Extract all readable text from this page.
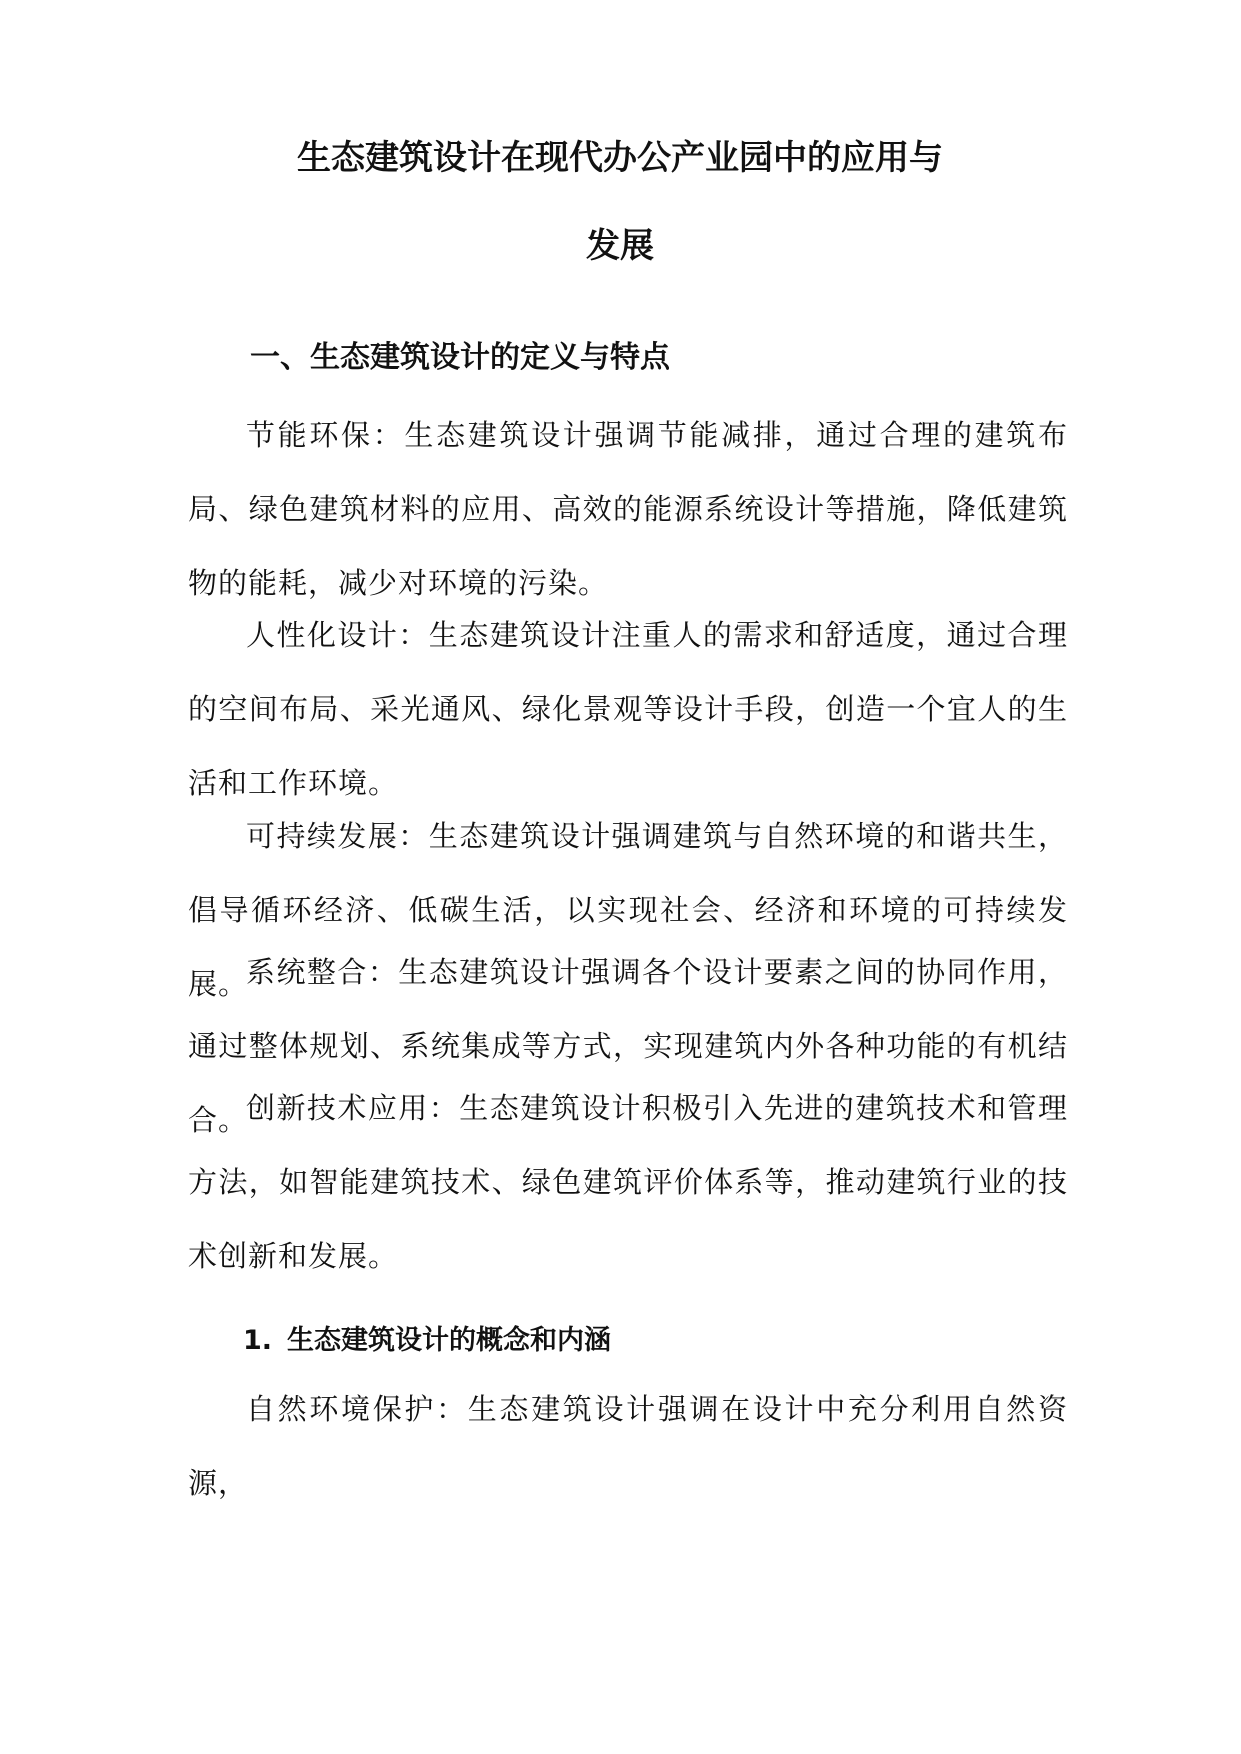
生态建筑设计在现代办公产业园中的应用与
发展
一、生态建筑设计的定义与特点

节能环保：生态建筑设计强调节能减排，通过合理的建筑布局、绿色建筑材料的应用、高效的能源系统设计等措施，降低建筑物的能耗，减少对环境的污染。

人性化设计：生态建筑设计注重人的需求和舒适度，通过合理的空间布局、采光通风、绿化景观等设计手段，创造一个宜人的生活和工作环境。

可持续发展：生态建筑设计强调建筑与自然环境的和谐共生，倡导循环经济、低碳生活，以实现社会、经济和环境的可持续发展。

系统整合：生态建筑设计强调各个设计要素之间的协同作用，通过整体规划、系统集成等方式，实现建筑内外各种功能的有机结合。

创新技术应用：生态建筑设计积极引入先进的建筑技术和管理方法，如智能建筑技术、绿色建筑评价体系等，推动建筑行业的技术创新和发展。

1. 生态建筑设计的概念和内涵

自然环境保护：生态建筑设计强调在设计中充分利用自然资源，
